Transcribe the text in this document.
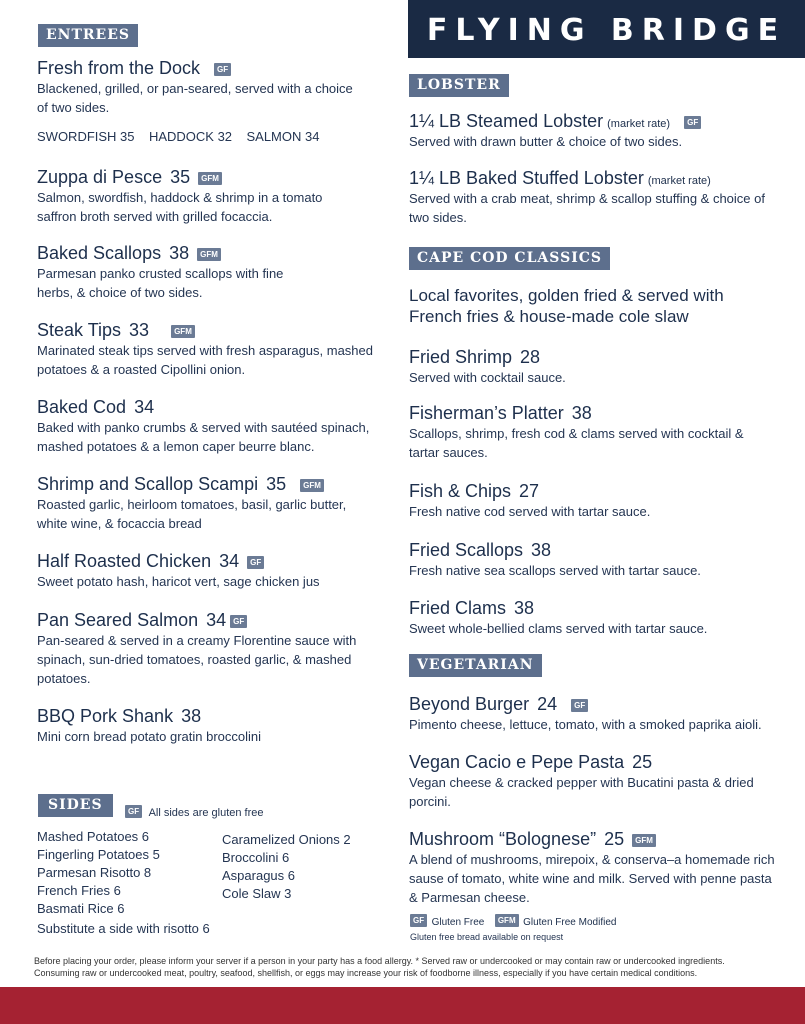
FLYING BRIDGE
ENTREES
Fresh from the Dock GF
Blackened, grilled, or pan-seared, served with a choice of two sides.
SWORDFISH 35    HADDOCK 32    SALMON 34
Zuppa di Pesce 35 GFM
Salmon, swordfish, haddock & shrimp in a tomato saffron broth served with grilled focaccia.
Baked Scallops 38 GFM
Parmesan panko crusted scallops with fine herbs, & choice of two sides.
Steak Tips 33	GFM
Marinated steak tips served with fresh asparagus, mashed potatoes & a roasted Cipollini onion.
Baked Cod 34
Baked with panko crumbs & served with sautéed spinach, mashed potatoes & a lemon caper beurre blanc.
Shrimp and Scallop Scampi 35 GFM
Roasted garlic, heirloom tomatoes, basil, garlic butter, white wine, & focaccia bread
Half Roasted Chicken 34 GF
Sweet potato hash, haricot vert, sage chicken jus
Pan Seared Salmon 34 GF
Pan-seared & served in a creamy Florentine sauce with spinach, sun-dried tomatoes, roasted garlic, & mashed potatoes.
BBQ Pork Shank 38
Mini corn bread potato gratin broccolini
SIDES	GF All sides are gluten free
Mashed Potatoes 6
Fingerling Potatoes 5
Parmesan Risotto 8
French Fries 6
Basmati Rice 6
Substitute a side with risotto 6
Caramelized Onions 2
Broccolini 6
Asparagus 6
Cole Slaw 3
LOBSTER
1¼ LB Steamed Lobster (market rate) GF
Served with drawn butter & choice of two sides.
1¼ LB Baked Stuffed Lobster (market rate)
Served with a crab meat, shrimp & scallop stuffing & choice of two sides.
CAPE COD CLASSICS
Local favorites, golden fried & served with French fries & house-made cole slaw
Fried Shrimp 28
Served with cocktail sauce.
Fisherman’s Platter 38
Scallops, shrimp, fresh cod & clams served with cocktail & tartar sauces.
Fish & Chips 27
Fresh native cod served with tartar sauce.
Fried Scallops 38
Fresh native sea scallops served with tartar sauce.
Fried Clams 38
Sweet whole-bellied clams served with tartar sauce.
VEGETARIAN
Beyond Burger 24 GF
Pimento cheese, lettuce, tomato, with a smoked paprika aioli.
Vegan Cacio e Pepe Pasta 25
Vegan cheese & cracked pepper with Bucatini pasta & dried porcini.
Mushroom “Bolognese” 25 GFM
A blend of mushrooms, mirepoix, & conserva–a homemade rich sause of tomato, white wine and milk. Served with penne pasta & Parmesan cheese.
GF Gluten Free GFM Gluten Free Modified
Gluten free bread available on request
Before placing your order, please inform your server if a person in your party has a food allergy. * Served raw or undercooked or may contain raw or undercooked ingredients.
Consuming raw or undercooked meat, poultry, seafood, shellfish, or eggs may increase your risk of foodborne illness, especially if you have certain medical conditions.
